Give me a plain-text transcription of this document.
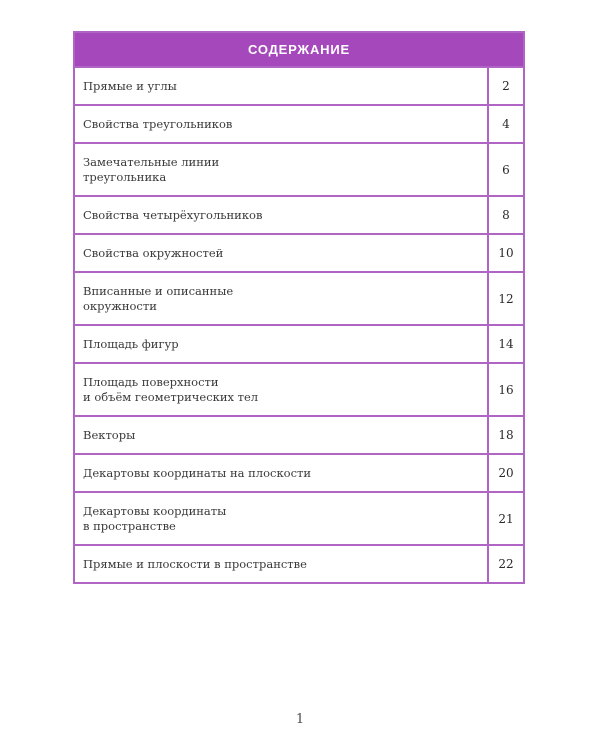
СОДЕРЖАНИЕ
Прямые и углы	2
Свойства треугольников	4
Замечательные линии
треугольника	6
Свойства четырёхугольников	8
Свойства окружностей	10
Вписанные и описанные
окружности	12
Площадь фигур	14
Площадь поверхности
и объём геометрических тел	16
Векторы	18
Декартовы координаты на плоскости	20
Декартовы координаты
в пространстве	21
Прямые и плоскости в пространстве	22
1
